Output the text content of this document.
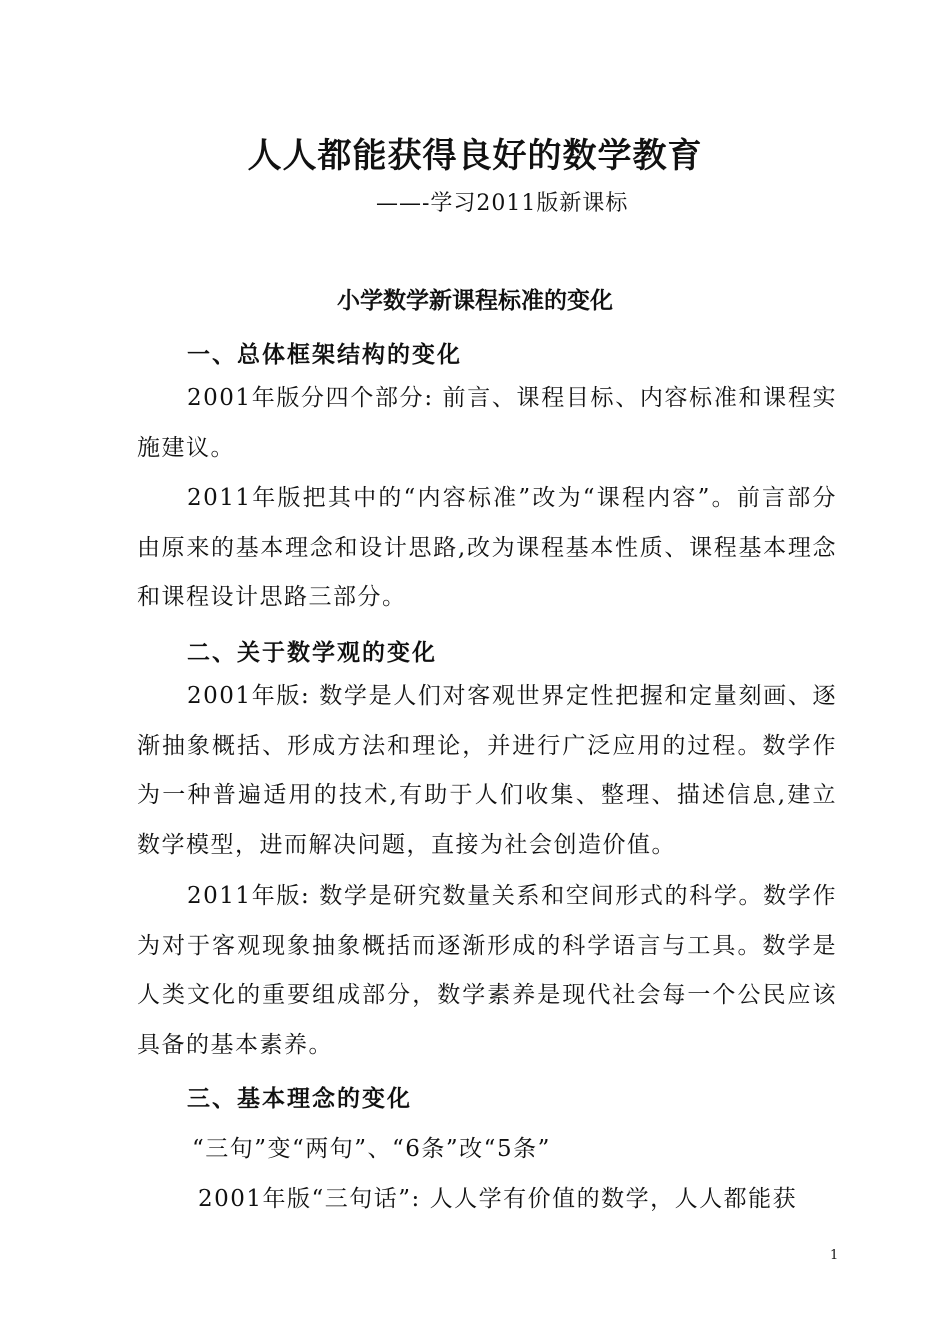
人人都能获得良好的数学教育
——-学习2011版新课标
小学数学新课程标准的变化
一、总体框架结构的变化

2001年版分四个部分: 前言、课程目标、内容标准和课程实施建议。

2011年版把其中的“内容标准”改为“课程内容”。前言部分由原来的基本理念和设计思路,改为课程基本性质、课程基本理念和课程设计思路三部分。

二、关于数学观的变化

2001年版: 数学是人们对客观世界定性把握和定量刻画、逐渐抽象概括、形成方法和理论，并进行广泛应用的过程。数学作为一种普遍适用的技术,有助于人们收集、整理、描述信息,建立数学模型，进而解决问题，直接为社会创造价值。

2011年版: 数学是研究数量关系和空间形式的科学。数学作为对于客观现象抽象概括而逐渐形成的科学语言与工具。数学是人类文化的重要组成部分，数学素养是现代社会每一个公民应该具备的基本素养。

三、基本理念的变化
“三句”变“两句”、“6条”改“5条”
2001年版“三句话”: 人人学有价值的数学，人人都能获
1
